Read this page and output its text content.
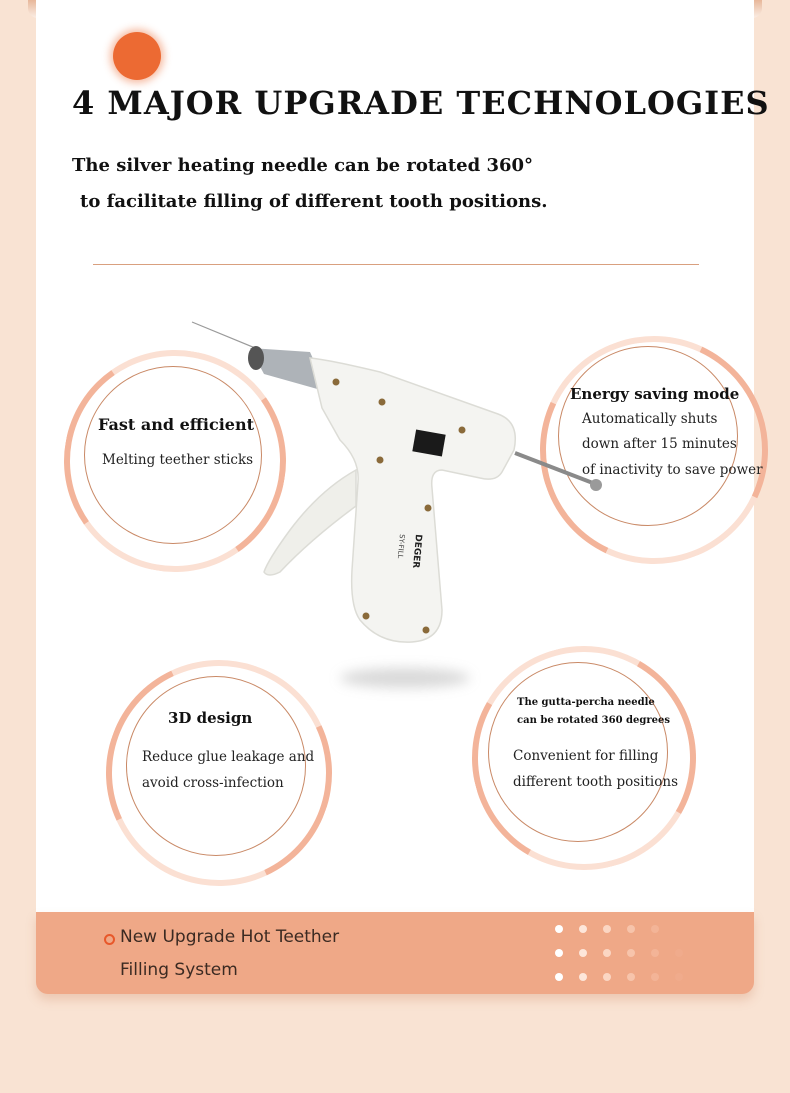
4 MAJOR UPGRADE TECHNOLOGIES

The silver heating needle can be rotated 360°

to facilitate filling of different tooth positions.

Fast and efficient

Melting teether sticks

Energy saving mode

Automatically shuts

down after 15 minutes

of inactivity to save power

3D design

Reduce glue leakage and

avoid cross-infection

The gutta-percha needle

can be rotated 360 degrees

Convenient for filling

different tooth positions

DEGER
SY-FILL

New Upgrade Hot Teether

Filling System
